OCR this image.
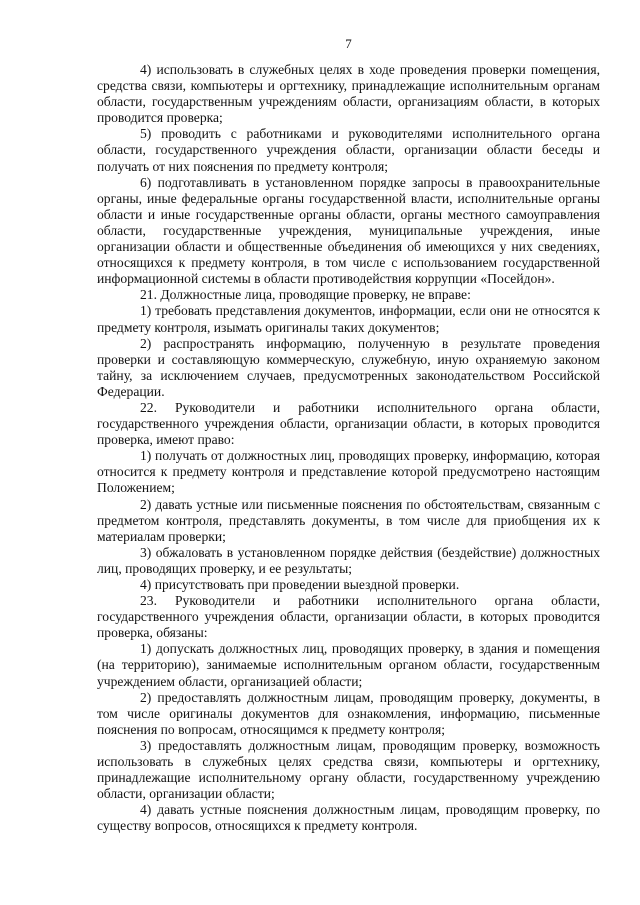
7

4) использовать в служебных целях в ходе проведения проверки помещения, средства связи, компьютеры и оргтехнику, принадлежащие исполнительным органам области, государственным учреждениям области, организациям области, в которых проводится проверка;

5) проводить с работниками и руководителями исполнительного органа области, государственного учреждения области, организации области беседы и получать от них пояснения по предмету контроля;

6) подготавливать в установленном порядке запросы в правоохранительные органы, иные федеральные органы государственной власти, исполнительные органы области и иные государственные органы области, органы местного самоуправления области, государственные учреждения, муниципальные учреждения, иные организации области и общественные объединения об имеющихся у них сведениях, относящихся к предмету контроля, в том числе с использованием государственной информационной системы в области противодействия коррупции «Посейдон».

21. Должностные лица, проводящие проверку, не вправе:

1) требовать представления документов, информации, если они не относятся к предмету контроля, изымать оригиналы таких документов;

2) распространять информацию, полученную в результате проведения проверки и составляющую коммерческую, служебную, иную охраняемую законом тайну, за исключением случаев, предусмотренных законодательством Российской Федерации.

22. Руководители и работники исполнительного органа области, государственного учреждения области, организации области, в которых проводится проверка, имеют право:

1) получать от должностных лиц, проводящих проверку, информацию, которая относится к предмету контроля и представление которой предусмотрено настоящим Положением;

2) давать устные или письменные пояснения по обстоятельствам, связанным с предметом контроля, представлять документы, в том числе для приобщения их к материалам проверки;

3) обжаловать в установленном порядке действия (бездействие) должностных лиц, проводящих проверку, и ее результаты;

4) присутствовать при проведении выездной проверки.

23. Руководители и работники исполнительного органа области, государственного учреждения области, организации области, в которых проводится проверка, обязаны:

1) допускать должностных лиц, проводящих проверку, в здания и помещения (на территорию), занимаемые исполнительным органом области, государственным учреждением области, организацией области;

2) предоставлять должностным лицам, проводящим проверку, документы, в том числе оригиналы документов для ознакомления, информацию, письменные пояснения по вопросам, относящимся к предмету контроля;

3) предоставлять должностным лицам, проводящим проверку, возможность использовать в служебных целях средства связи, компьютеры и оргтехнику, принадлежащие исполнительному органу области, государственному учреждению области, организации области;

4) давать устные пояснения должностным лицам, проводящим проверку, по существу вопросов, относящихся к предмету контроля.
